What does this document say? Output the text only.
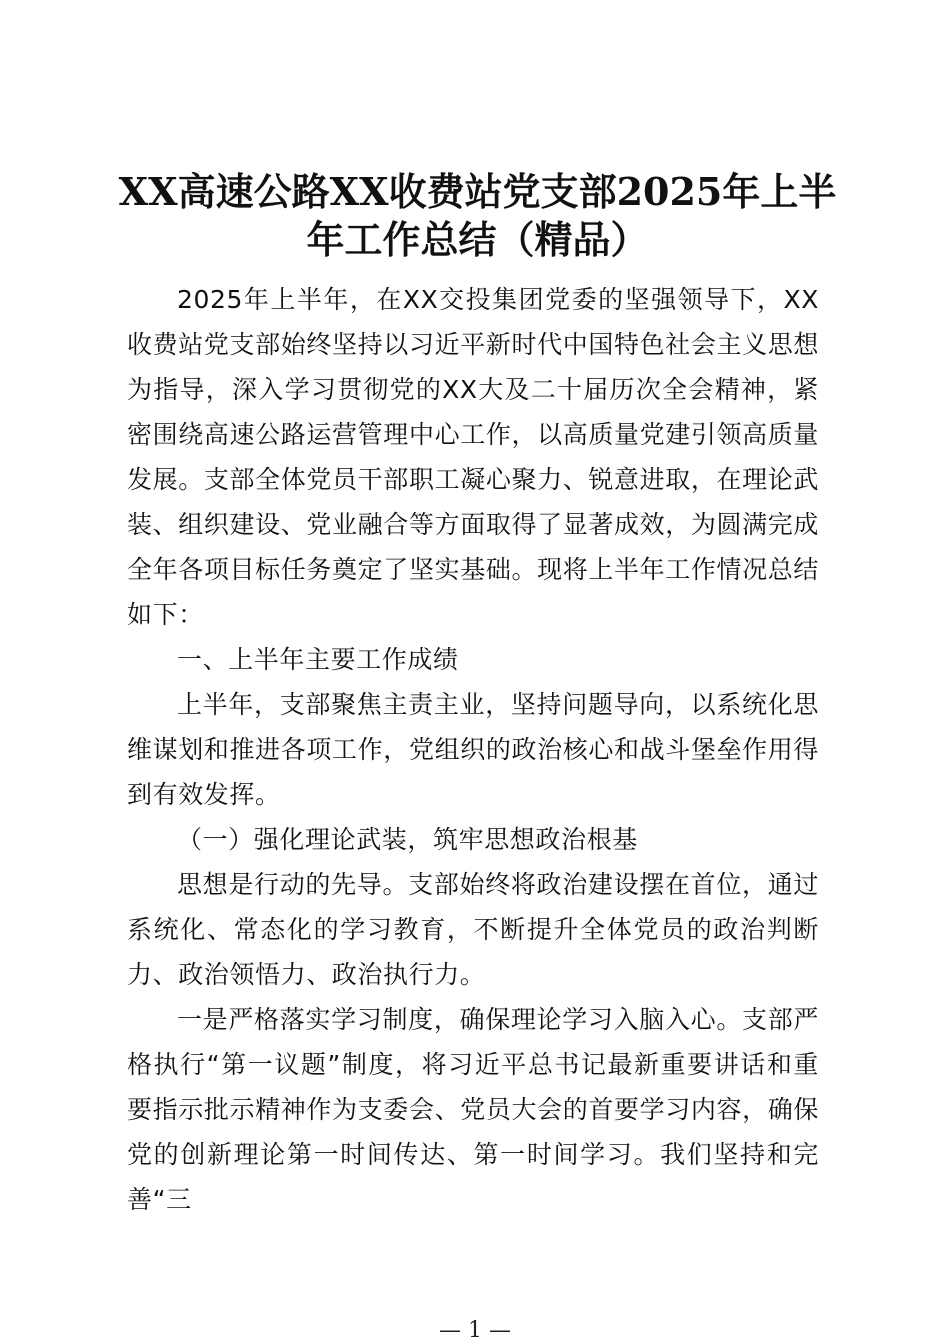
XX高速公路XX收费站党支部2025年上半年工作总结（精品）

2025年上半年，在XX交投集团党委的坚强领导下，XX收费站党支部始终坚持以习近平新时代中国特色社会主义思想为指导，深入学习贯彻党的XX大及二十届历次全会精神，紧密围绕高速公路运营管理中心工作，以高质量党建引领高质量发展。支部全体党员干部职工凝心聚力、锐意进取，在理论武装、组织建设、党业融合等方面取得了显著成效，为圆满完成全年各项目标任务奠定了坚实基础。现将上半年工作情况总结如下：

一、上半年主要工作成绩

上半年，支部聚焦主责主业，坚持问题导向，以系统化思维谋划和推进各项工作，党组织的政治核心和战斗堡垒作用得到有效发挥。

（一）强化理论武装，筑牢思想政治根基

思想是行动的先导。支部始终将政治建设摆在首位，通过系统化、常态化的学习教育，不断提升全体党员的政治判断力、政治领悟力、政治执行力。

一是严格落实学习制度，确保理论学习入脑入心。支部严格执行“第一议题”制度，将习近平总书记最新重要讲话和重要指示批示精神作为支委会、党员大会的首要学习内容，确保党的创新理论第一时间传达、第一时间学习。我们坚持和完善“三

— 1 —
